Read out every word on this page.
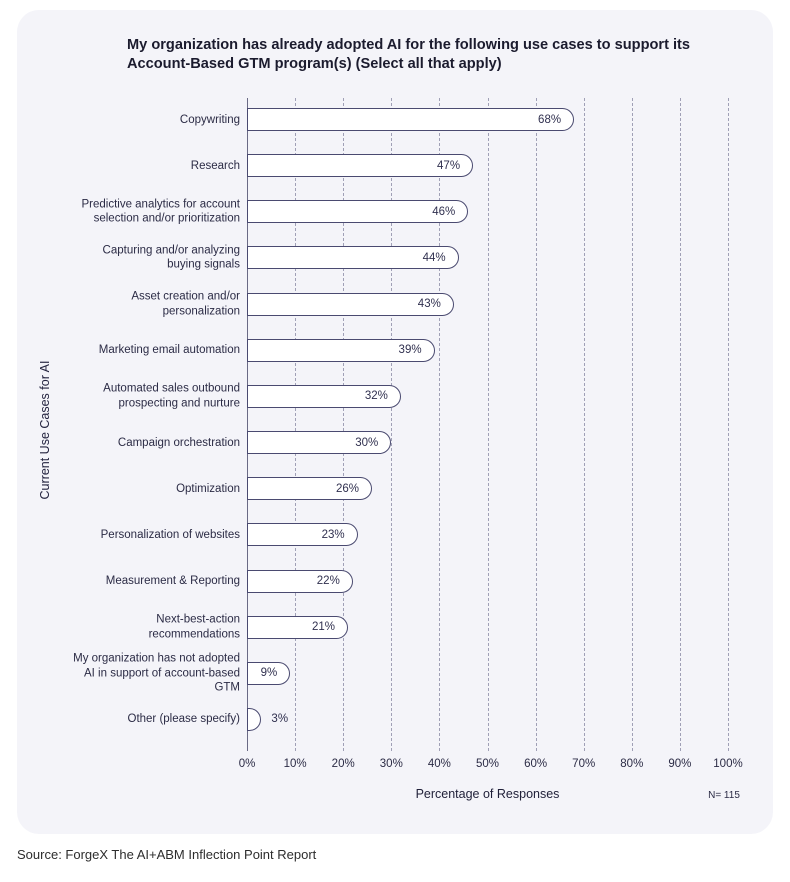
My organization has already adopted AI for the following use cases to support its
Account-Based GTM program(s) (Select all that apply)
Current Use Cases for AI
Copywriting
Research
Predictive analytics for account selection and/or prioritization
Capturing and/or analyzing buying signals
Asset creation and/or personalization
Marketing email automation
Automated sales outbound prospecting and nurture
Campaign orchestration
Optimization
Personalization of websites
Measurement & Reporting
Next-best-action recommendations
My organization has not adopted AI in support of account-based GTM
Other (please specify)
68%
47%
46%
44%
43%
39%
32%
30%
26%
23%
22%
21%
9%
3%
0% 10% 20% 30% 40% 50% 60% 70% 80% 90% 100%
Percentage of Responses	N= 115
Source: ForgeX The AI+ABM Inflection Point Report
